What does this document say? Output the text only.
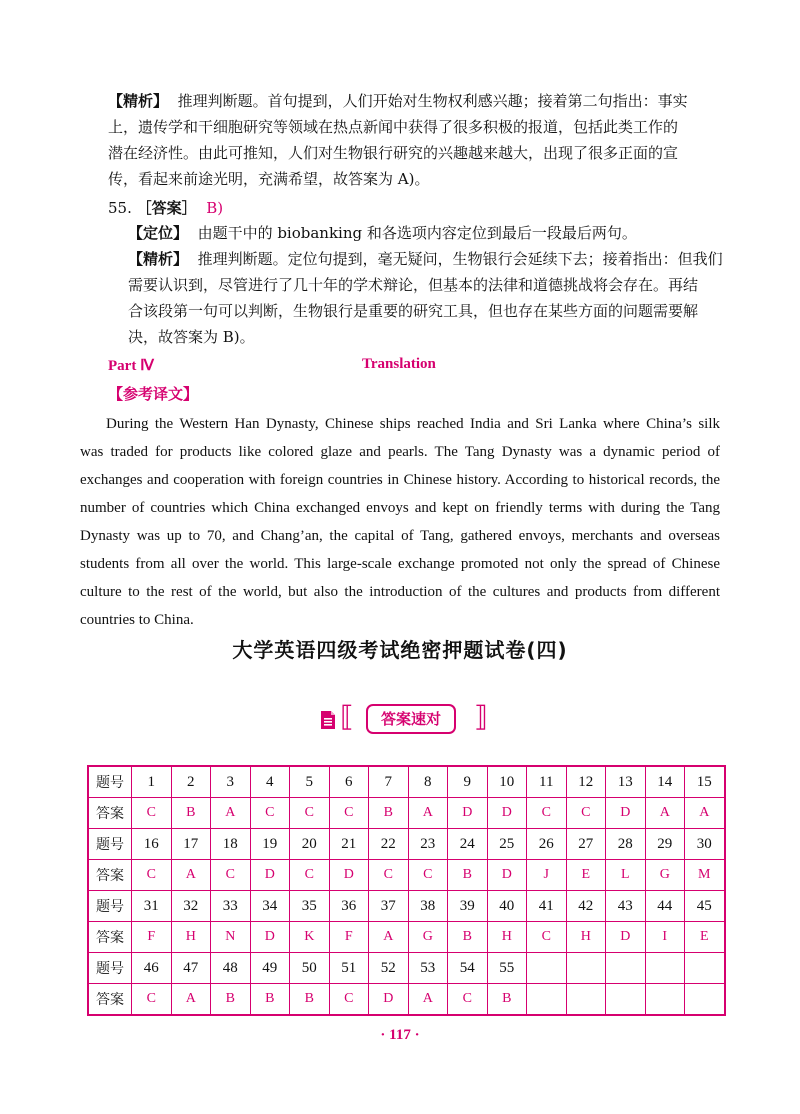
【精析】 推理判断题。首句提到，人们开始对生物权利感兴趣；接着第二句指出：事实
上，遗传学和干细胞研究等领域在热点新闻中获得了很多积极的报道，包括此类工作的
潜在经济性。由此可推知，人们对生物银行研究的兴趣越来越大，出现了很多正面的宣
传，看起来前途光明，充满希望，故答案为 A)。
55. ［答案］ B)
【定位】 由题干中的 biobanking 和各选项内容定位到最后一段最后两句。
【精析】 推理判断题。定位句提到，毫无疑问，生物银行会延续下去；接着指出：但我们
需要认识到，尽管进行了几十年的学术辩论，但基本的法律和道德挑战将会存在。再结
合该段第一句可以判断，生物银行是重要的研究工具，但也存在某些方面的问题需要解
决，故答案为 B)。
Part Ⅳ	Translation
【参考译文】
During the Western Han Dynasty, Chinese ships reached India and Sri Lanka where China’s silk
was traded for products like colored glaze and pearls. The Tang Dynasty was a dynamic period of
exchanges and cooperation with foreign countries in Chinese history. According to historical records, the
number of countries which China exchanged envoys and kept on friendly terms with during the Tang
Dynasty was up to 70, and Chang’an, the capital of Tang, gathered envoys, merchants and overseas
students from all over the world. This large-scale exchange promoted not only the spread of Chinese
culture to the rest of the world, but also the introduction of the cultures and products from different
countries to China.
大学英语四级考试绝密押题试卷(四)
⟦	答案速对	⟧
题号	1	2	3	4	5	6	7	8	9	10	11	12	13	14	15
答案	C	B	A	C	C	C	B	A	D	D	C	C	D	A	A
题号	16	17	18	19	20	21	22	23	24	25	26	27	28	29	30
答案	C	A	C	D	C	D	C	C	B	D	J	E	L	G	M
题号	31	32	33	34	35	36	37	38	39	40	41	42	43	44	45
答案	F	H	N	D	K	F	A	G	B	H	C	H	D	I	E
题号	46	47	48	49	50	51	52	53	54	55					
答案	C	A	B	B	B	C	D	A	C	B					
· 117 ·
